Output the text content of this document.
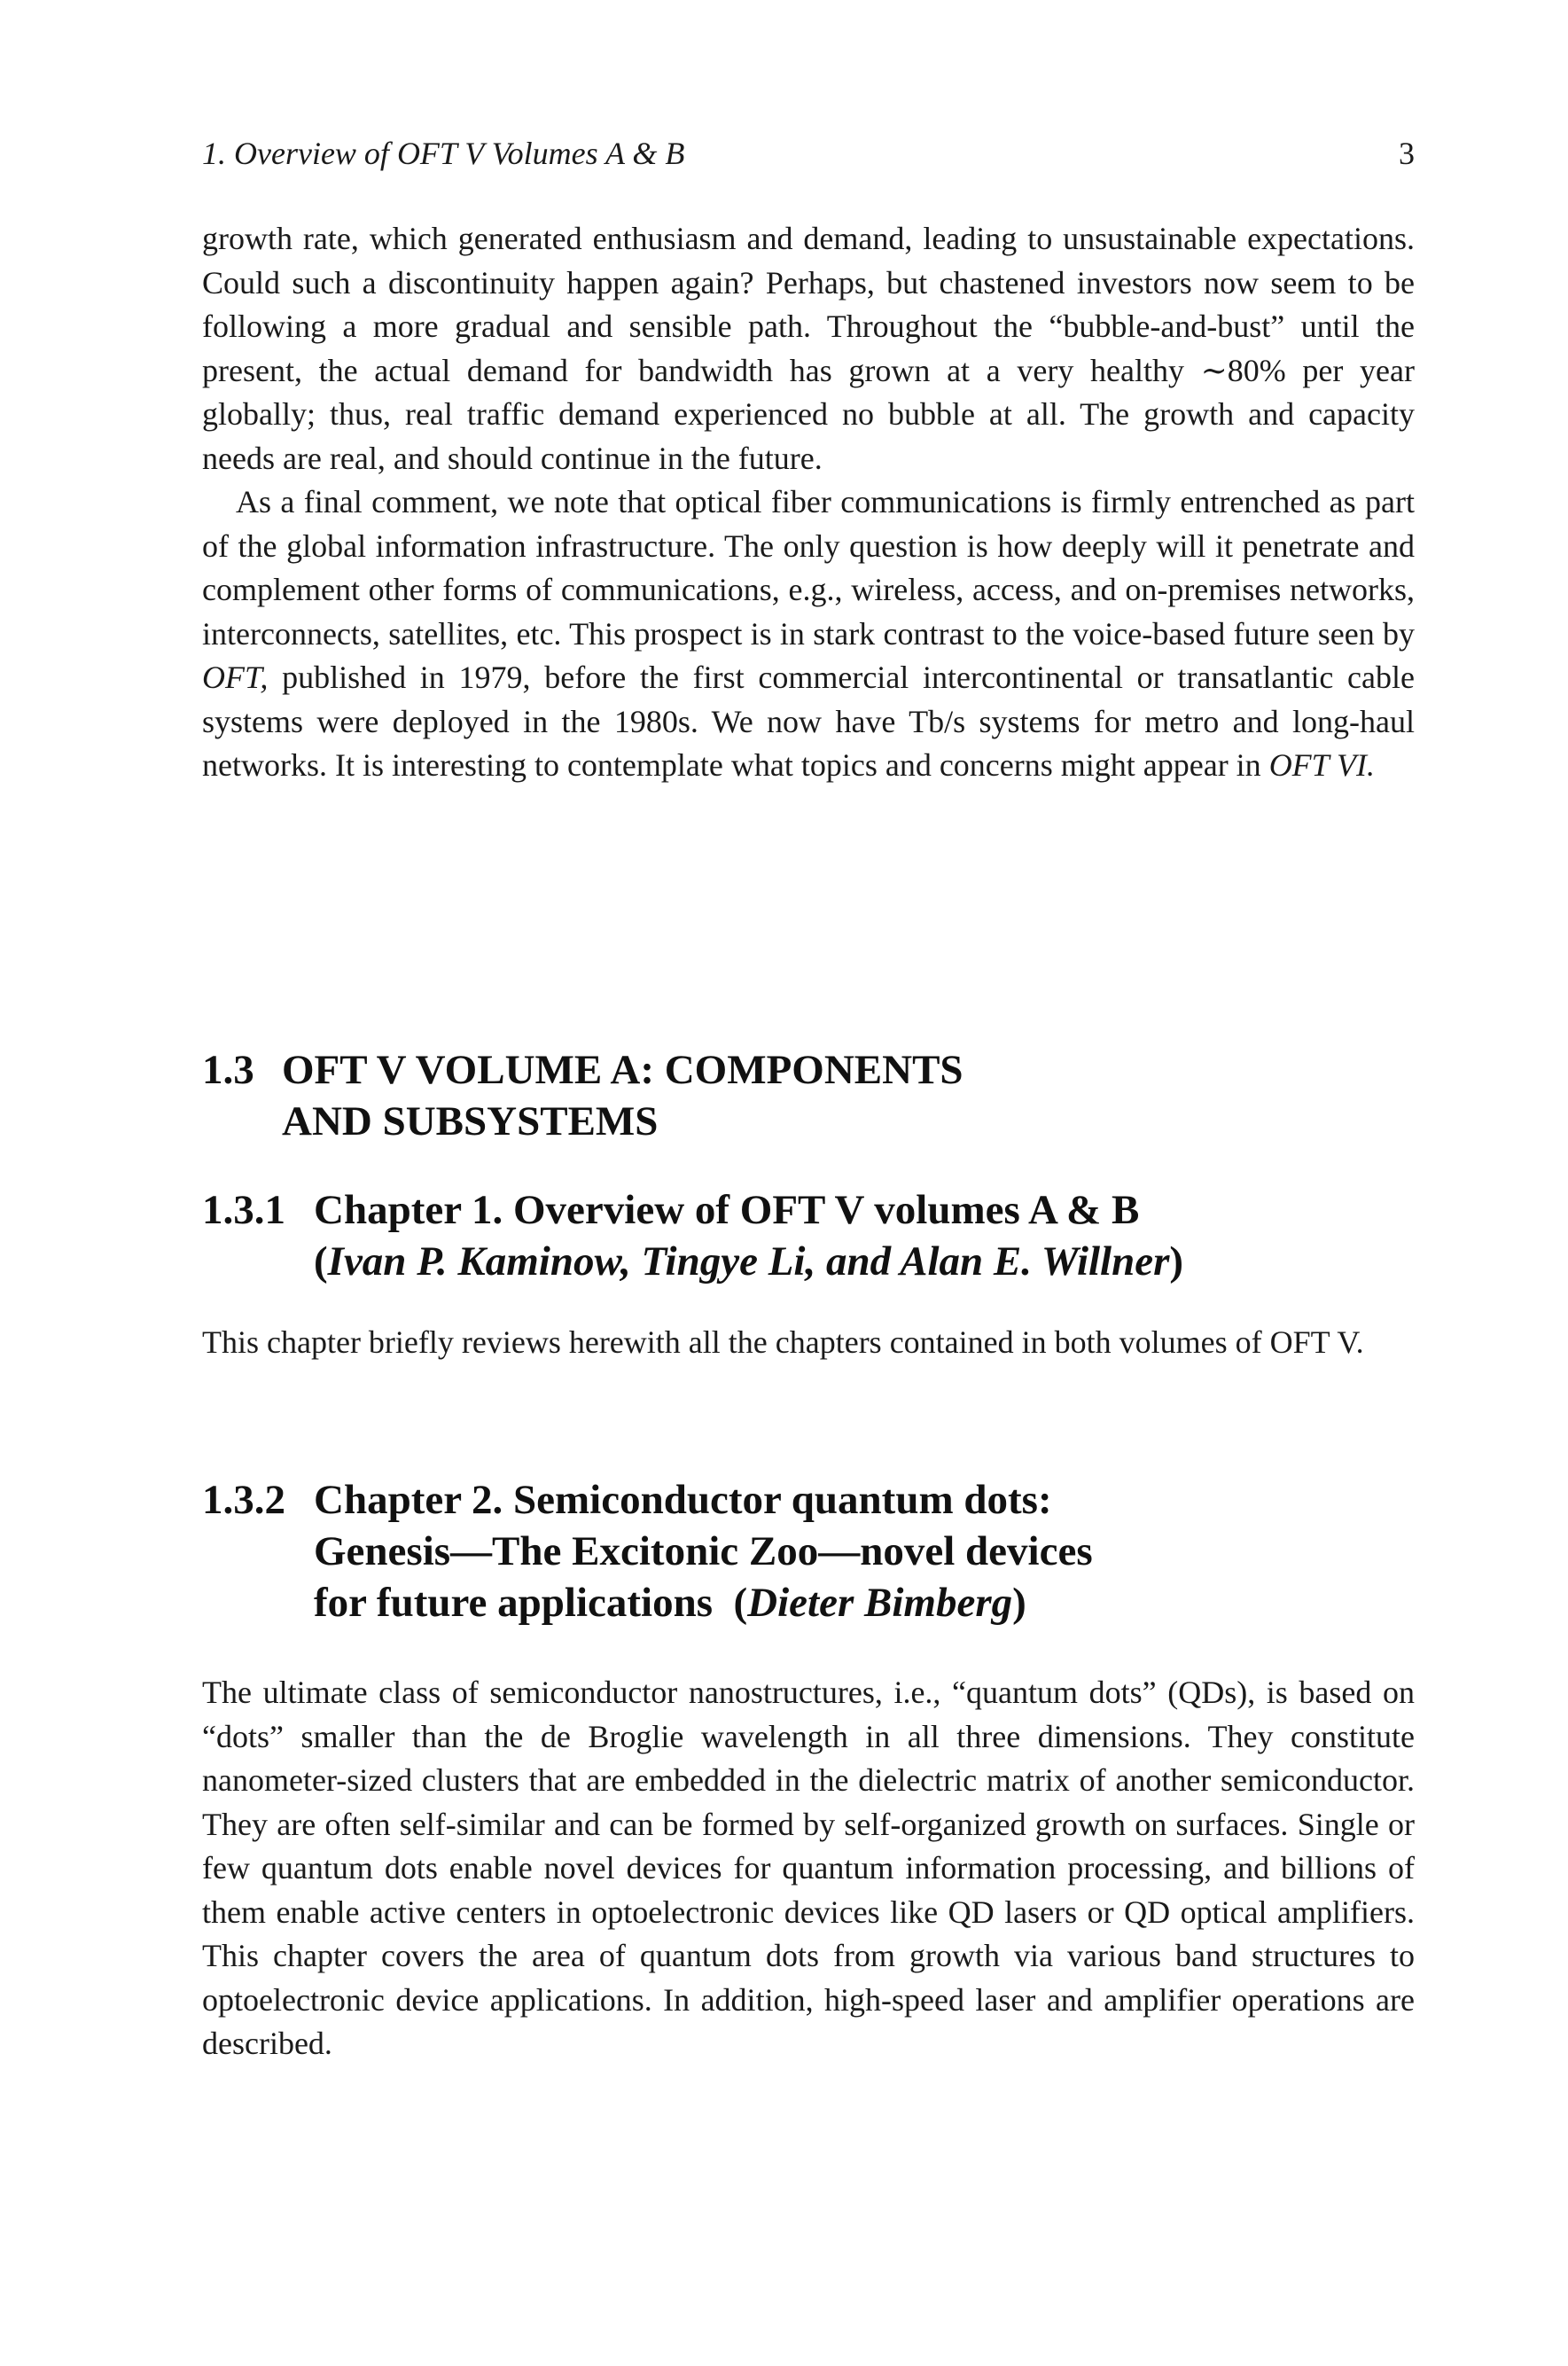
1. Overview of OFT V Volumes A & B	3

growth rate, which generated enthusiasm and demand, leading to unsustainable expectations. Could such a discontinuity happen again? Perhaps, but chastened investors now seem to be following a more gradual and sensible path. Throughout the “bubble-and-bust” until the present, the actual demand for bandwidth has grown at a very healthy ∼80% per year globally; thus, real traffic demand experienced no bubble at all. The growth and capacity needs are real, and should continue in the future.

As a final comment, we note that optical fiber communications is firmly entrenched as part of the global information infrastructure. The only question is how deeply will it penetrate and complement other forms of communications, e.g., wireless, access, and on-premises networks, interconnects, satellites, etc. This prospect is in stark contrast to the voice-based future seen by OFT, published in 1979, before the first commercial intercontinental or transatlantic cable systems were deployed in the 1980s. We now have Tb/s systems for metro and long-haul networks. It is interesting to contemplate what topics and concerns might appear in OFT VI.

1.3 OFT V VOLUME A: COMPONENTS
AND SUBSYSTEMS
1.3.1 Chapter 1. Overview of OFT V volumes A & B
(Ivan P. Kaminow, Tingye Li, and Alan E. Willner)

This chapter briefly reviews herewith all the chapters contained in both volumes of OFT V.

1.3.2 Chapter 2. Semiconductor quantum dots:
Genesis—The Excitonic Zoo—novel devices
for future applications  (Dieter Bimberg)

The ultimate class of semiconductor nanostructures, i.e., “quantum dots” (QDs), is based on “dots” smaller than the de Broglie wavelength in all three dimensions. They constitute nanometer-sized clusters that are embedded in the dielectric matrix of another semiconductor. They are often self-similar and can be formed by self-organized growth on surfaces. Single or few quantum dots enable novel devices for quantum information processing, and billions of them enable active centers in optoelectronic devices like QD lasers or QD optical amplifiers. This chapter covers the area of quantum dots from growth via various band structures to optoelectronic device applications. In addition, high-speed laser and amplifier operations are described.
